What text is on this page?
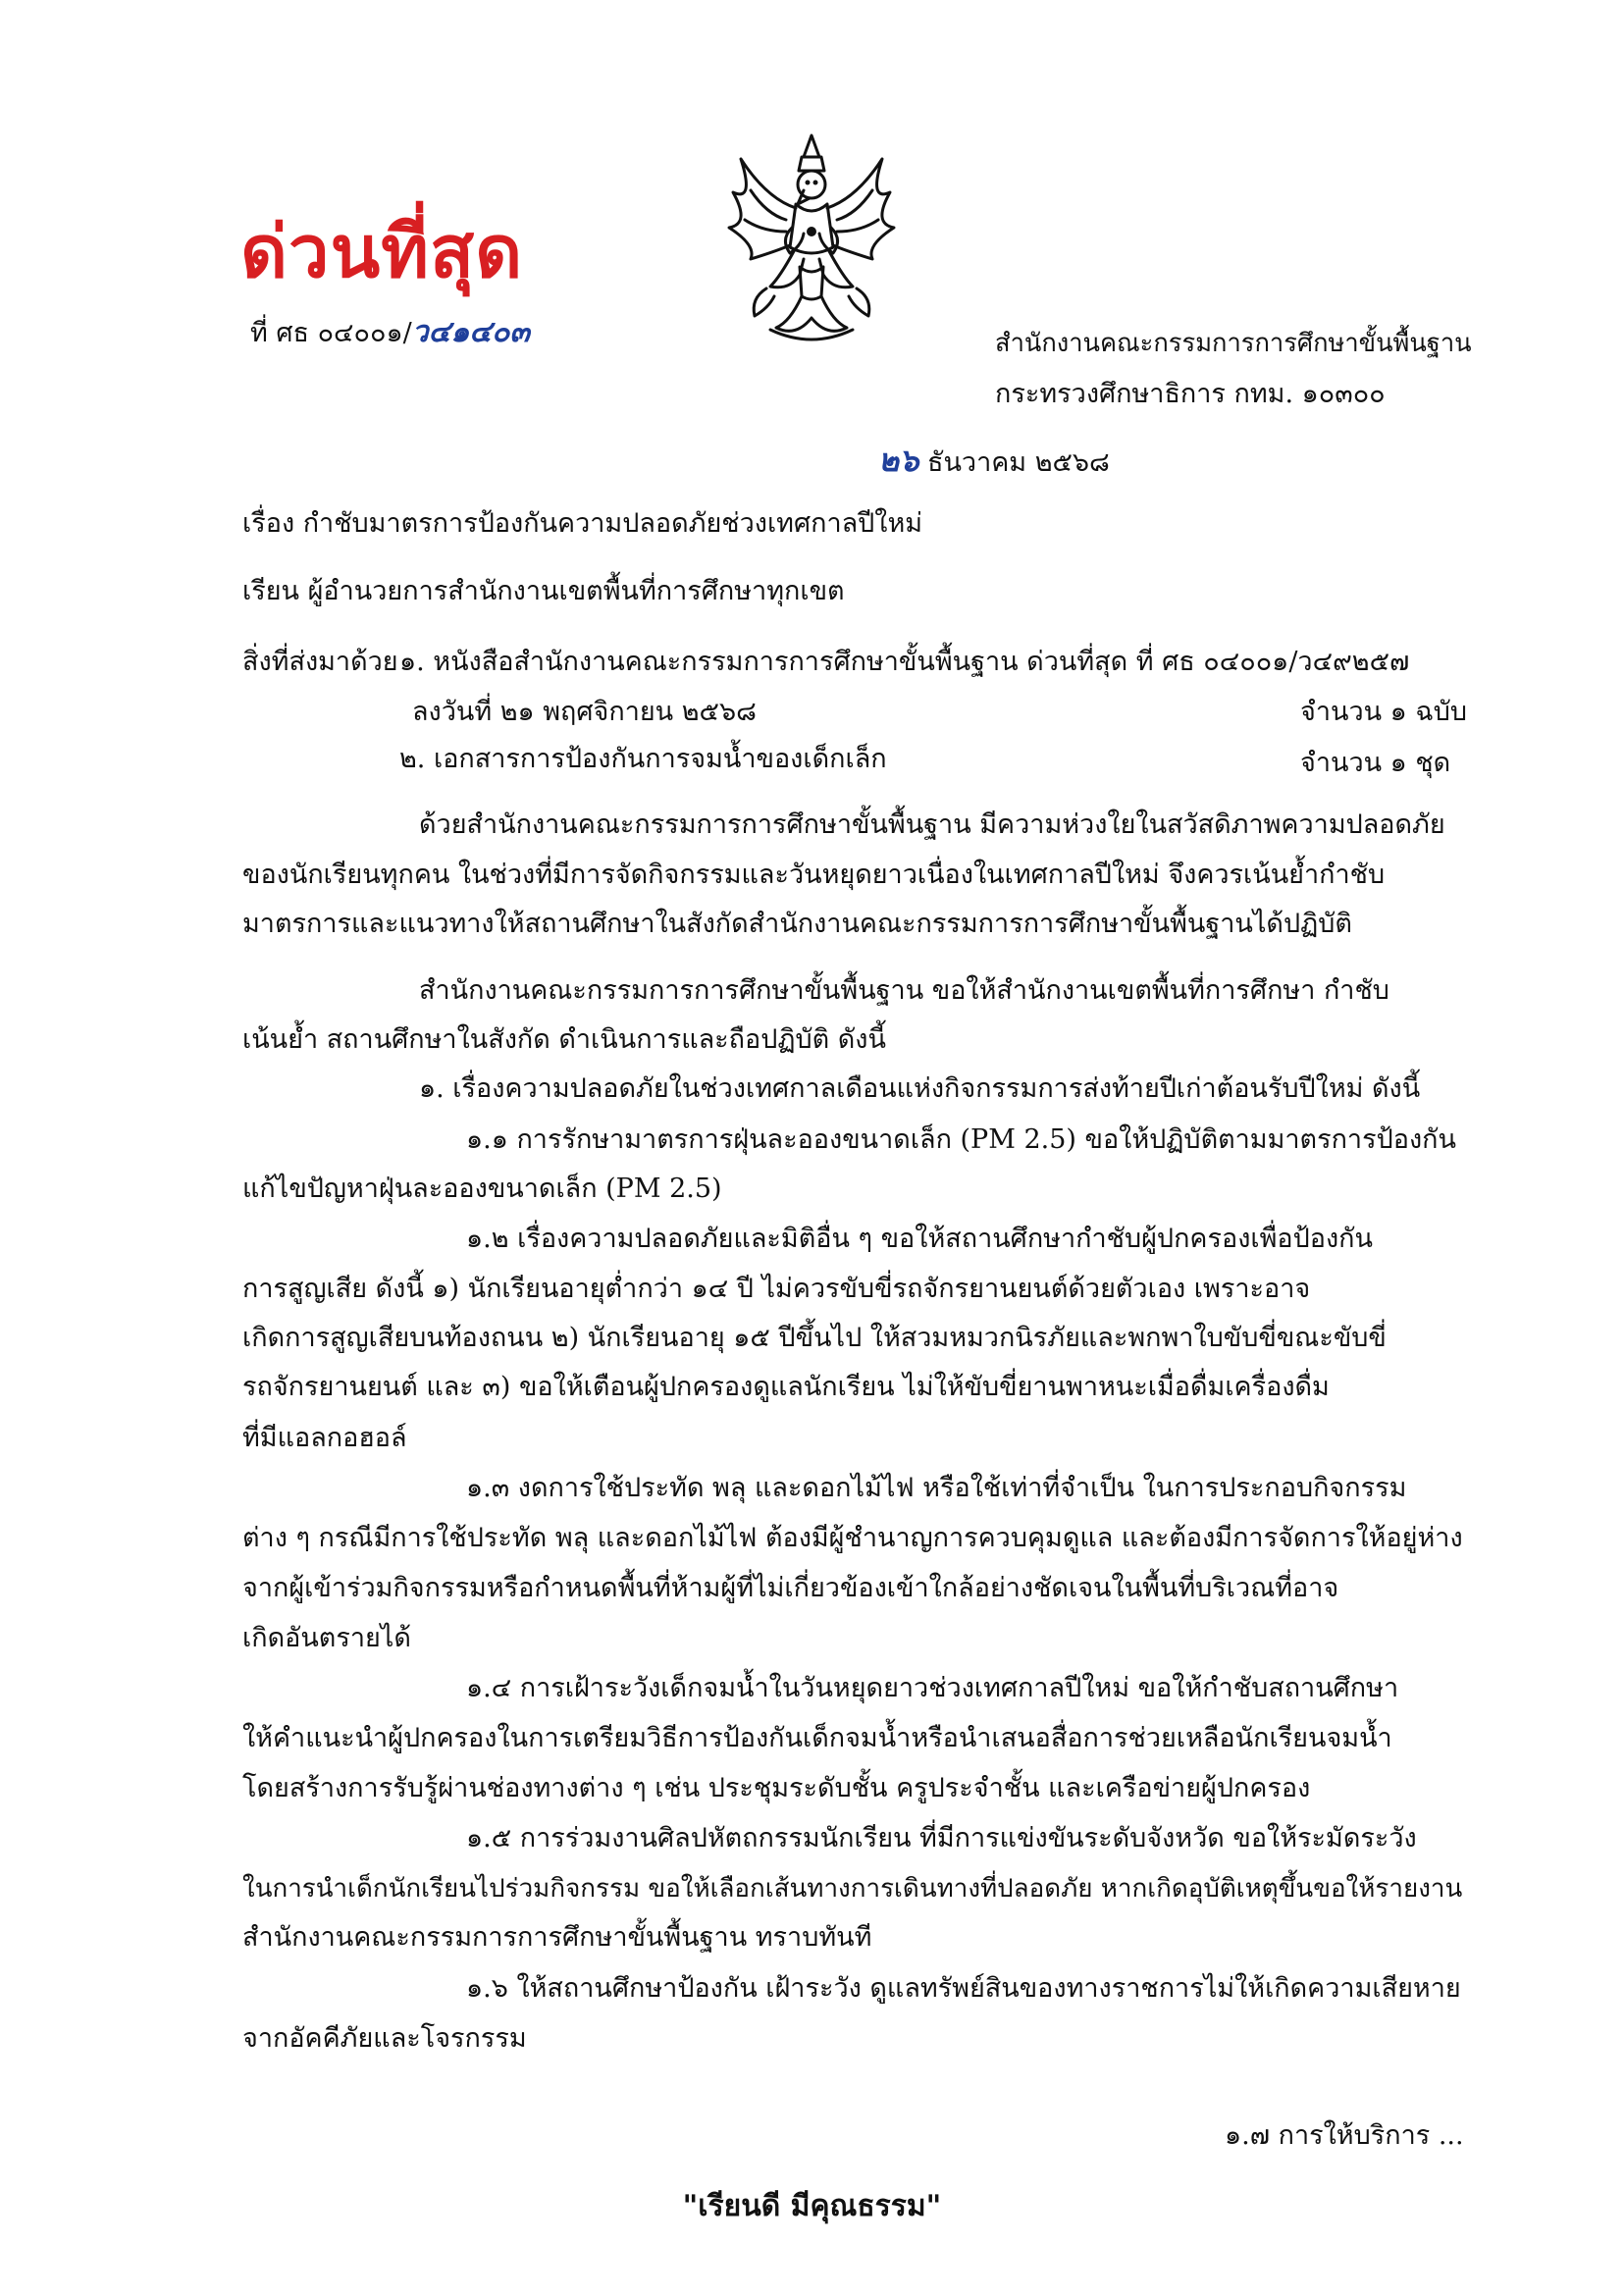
ด่วนที่สุด
ที่ ศธ ๐๔๐๐๑/ว๔๑๔๐๓	สำนักงานคณะกรรมการการศึกษาขั้นพื้นฐาน
กระทรวงศึกษาธิการ กทม. ๑๐๓๐๐
๒๖ ธันวาคม ๒๕๖๘
เรื่อง กำชับมาตรการป้องกันความปลอดภัยช่วงเทศกาลปีใหม่
เรียน ผู้อำนวยการสำนักงานเขตพื้นที่การศึกษาทุกเขต
สิ่งที่ส่งมาด้วย ๑. หนังสือสำนักงานคณะกรรมการการศึกษาขั้นพื้นฐาน ด่วนที่สุด ที่ ศธ ๐๔๐๐๑/ว๔๙๒๕๗
ลงวันที่ ๒๑ พฤศจิกายน ๒๕๖๘	จำนวน ๑ ฉบับ
๒. เอกสารการป้องกันการจมน้ำของเด็กเล็ก	จำนวน ๑ ชุด
ด้วยสำนักงานคณะกรรมการการศึกษาขั้นพื้นฐาน มีความห่วงใยในสวัสดิภาพความปลอดภัย
ของนักเรียนทุกคน ในช่วงที่มีการจัดกิจกรรมและวันหยุดยาวเนื่องในเทศกาลปีใหม่ จึงควรเน้นย้ำกำชับ
มาตรการและแนวทางให้สถานศึกษาในสังกัดสำนักงานคณะกรรมการการศึกษาขั้นพื้นฐานได้ปฏิบัติ
สำนักงานคณะกรรมการการศึกษาขั้นพื้นฐาน ขอให้สำนักงานเขตพื้นที่การศึกษา กำชับ
เน้นย้ำ สถานศึกษาในสังกัด ดำเนินการและถือปฏิบัติ ดังนี้
๑. เรื่องความปลอดภัยในช่วงเทศกาลเดือนแห่งกิจกรรมการส่งท้ายปีเก่าต้อนรับปีใหม่ ดังนี้
๑.๑ การรักษามาตรการฝุ่นละอองขนาดเล็ก (PM 2.5) ขอให้ปฏิบัติตามมาตรการป้องกัน
แก้ไขปัญหาฝุ่นละอองขนาดเล็ก (PM 2.5)
๑.๒ เรื่องความปลอดภัยและมิติอื่น ๆ ขอให้สถานศึกษากำชับผู้ปกครองเพื่อป้องกัน
การสูญเสีย ดังนี้ ๑) นักเรียนอายุต่ำกว่า ๑๔ ปี ไม่ควรขับขี่รถจักรยานยนต์ด้วยตัวเอง เพราะอาจ
เกิดการสูญเสียบนท้องถนน ๒) นักเรียนอายุ ๑๕ ปีขึ้นไป ให้สวมหมวกนิรภัยและพกพาใบขับขี่ขณะขับขี่
รถจักรยานยนต์ และ ๓) ขอให้เตือนผู้ปกครองดูแลนักเรียน ไม่ให้ขับขี่ยานพาหนะเมื่อดื่มเครื่องดื่ม
ที่มีแอลกอฮอล์
๑.๓ งดการใช้ประทัด พลุ และดอกไม้ไฟ หรือใช้เท่าที่จำเป็น ในการประกอบกิจกรรม
ต่าง ๆ กรณีมีการใช้ประทัด พลุ และดอกไม้ไฟ ต้องมีผู้ชำนาญการควบคุมดูแล และต้องมีการจัดการให้อยู่ห่าง
จากผู้เข้าร่วมกิจกรรมหรือกำหนดพื้นที่ห้ามผู้ที่ไม่เกี่ยวข้องเข้าใกล้อย่างชัดเจนในพื้นที่บริเวณที่อาจ
เกิดอันตรายได้
๑.๔ การเฝ้าระวังเด็กจมน้ำในวันหยุดยาวช่วงเทศกาลปีใหม่ ขอให้กำชับสถานศึกษา
ให้คำแนะนำผู้ปกครองในการเตรียมวิธีการป้องกันเด็กจมน้ำหรือนำเสนอสื่อการช่วยเหลือนักเรียนจมน้ำ
โดยสร้างการรับรู้ผ่านช่องทางต่าง ๆ เช่น ประชุมระดับชั้น ครูประจำชั้น และเครือข่ายผู้ปกครอง
๑.๕ การร่วมงานศิลปหัตถกรรมนักเรียน ที่มีการแข่งขันระดับจังหวัด ขอให้ระมัดระวัง
ในการนำเด็กนักเรียนไปร่วมกิจกรรม ขอให้เลือกเส้นทางการเดินทางที่ปลอดภัย หากเกิดอุบัติเหตุขึ้นขอให้รายงาน
สำนักงานคณะกรรมการการศึกษาขั้นพื้นฐาน ทราบทันที
๑.๖ ให้สถานศึกษาป้องกัน เฝ้าระวัง ดูแลทรัพย์สินของทางราชการไม่ให้เกิดความเสียหาย
จากอัคคีภัยและโจรกรรม
๑.๗ การให้บริการ ...
"เรียนดี มีคุณธรรม"
